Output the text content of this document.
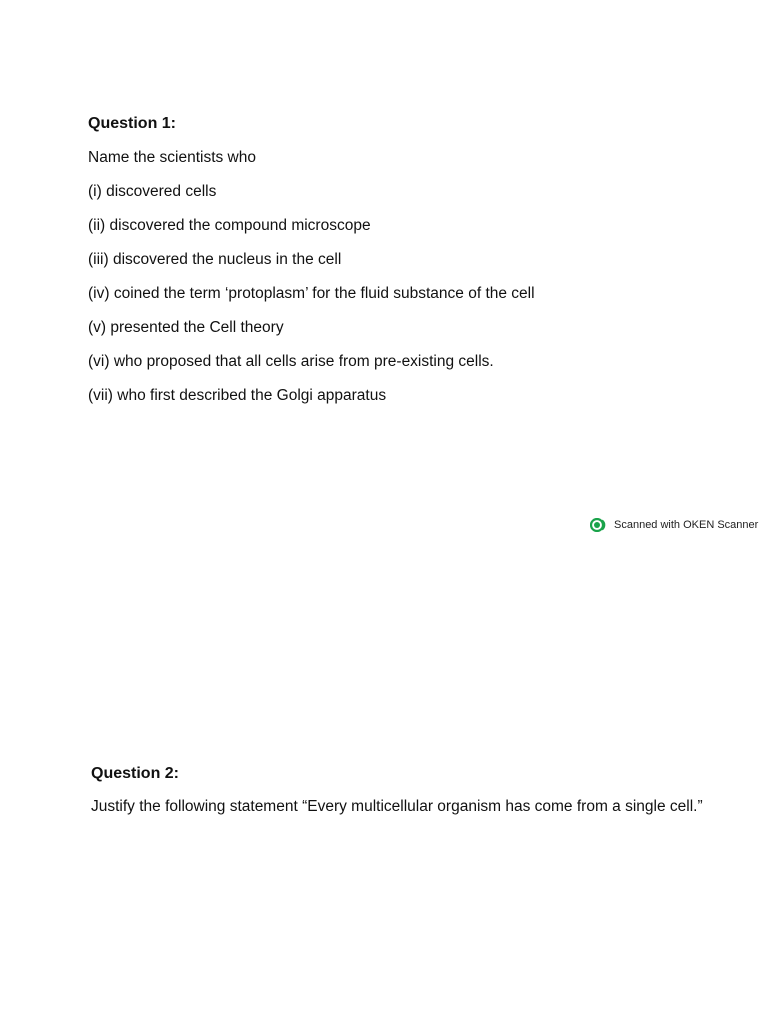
Question 1:
Name the scientists who
(i) discovered cells
(ii) discovered the compound microscope
(iii) discovered the nucleus in the cell
(iv) coined the term ‘protoplasm’ for the fluid substance of the cell
(v) presented the Cell theory
(vi) who proposed that all cells arise from pre-existing cells.
(vii) who first described the Golgi apparatus
Scanned with OKEN Scanner
Question 2:
Justify the following statement “Every multicellular organism has come from a single cell.”
